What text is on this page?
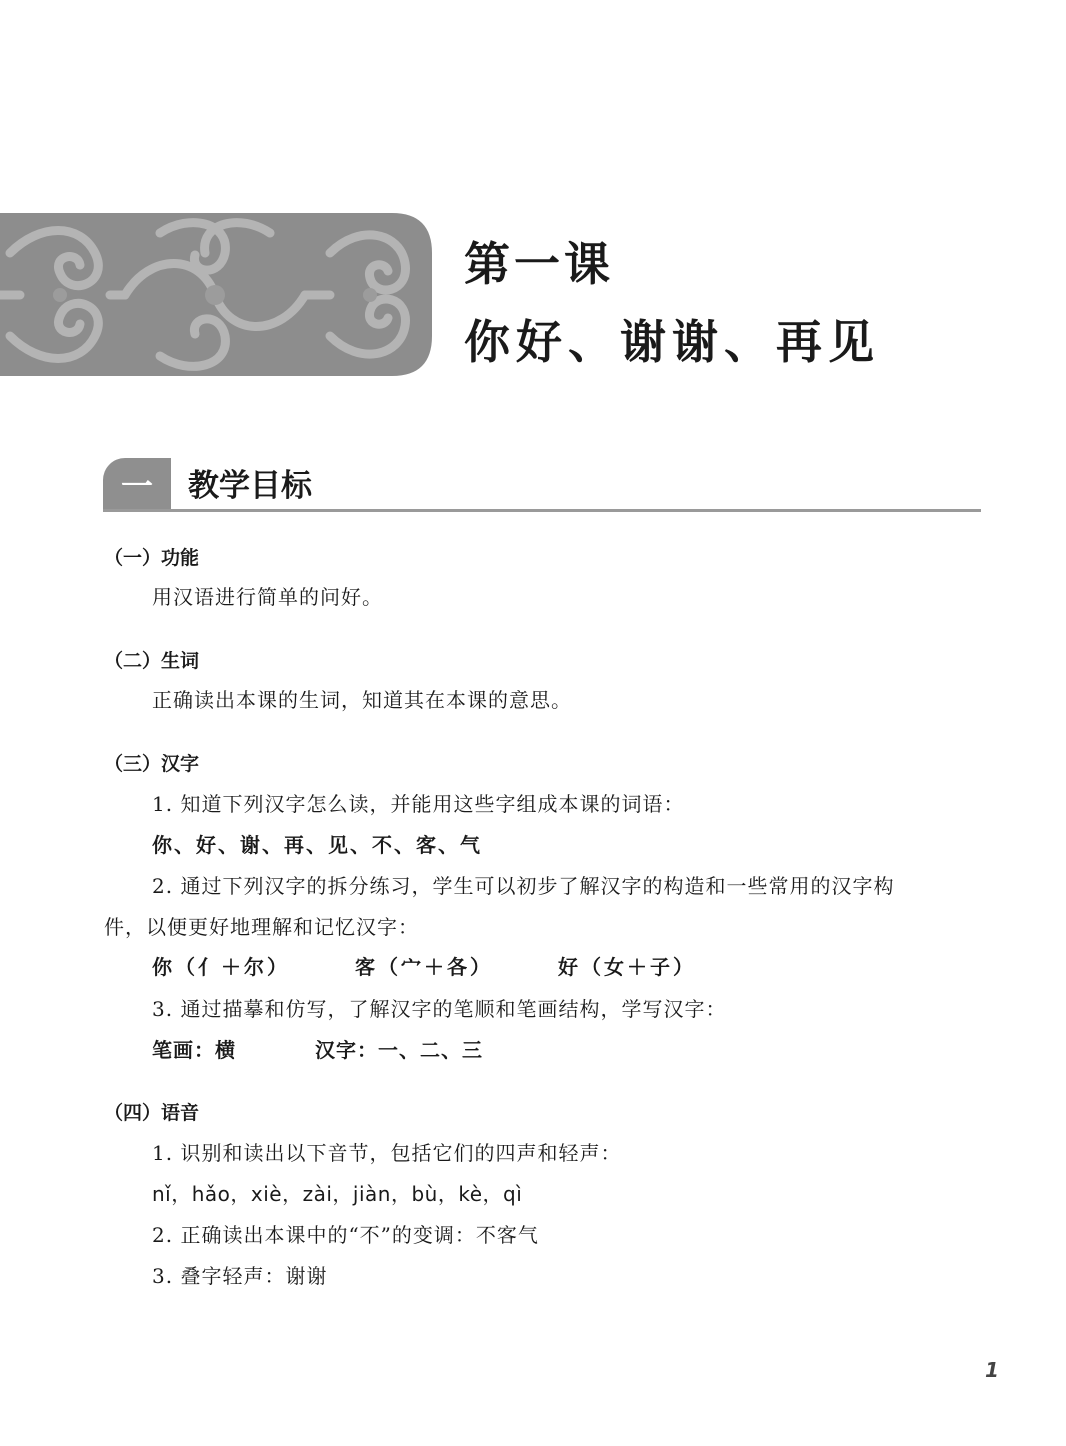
第一课
你好、谢谢、再见
一	教学目标
（一）功能
用汉语进行简单的问好。
（二）生词
正确读出本课的生词，知道其在本课的意思。
（三）汉字
1. 知道下列汉字怎么读，并能用这些字组成本课的词语：
你、好、谢、再、见、不、客、气
2. 通过下列汉字的拆分练习，学生可以初步了解汉字的构造和一些常用的汉字构
件，以便更好地理解和记忆汉字：
你（亻＋尔）	客（宀＋各）	好（女＋子）
3. 通过描摹和仿写，了解汉字的笔顺和笔画结构，学写汉字：
笔画：横	汉字：一、二、三
（四）语音
1. 识别和读出以下音节，包括它们的四声和轻声：
nǐ，hǎo，xiè，zài，jiàn，bù，kè，qì
2. 正确读出本课中的“不”的变调：不客气
3. 叠字轻声：谢谢
1
